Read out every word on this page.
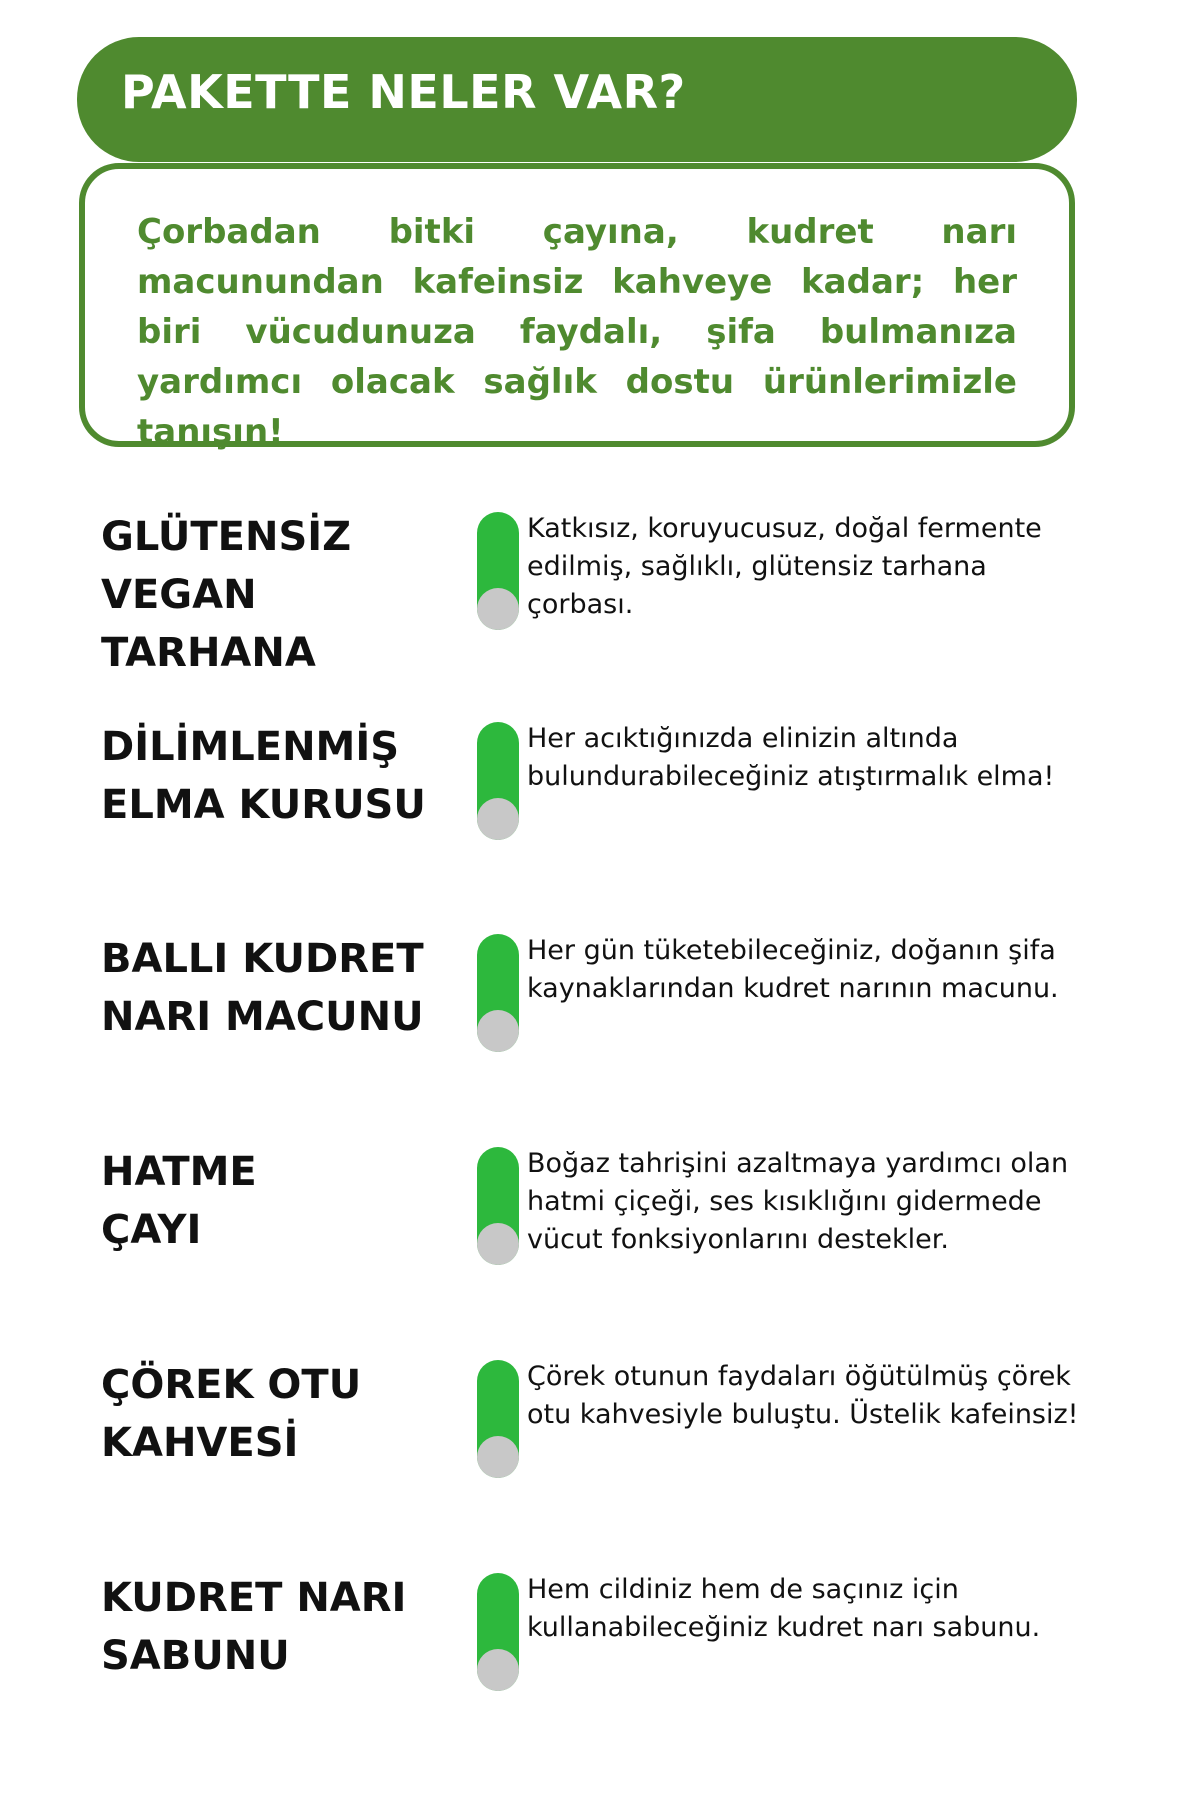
PAKETTE NELER VAR?

Çorbadan bitki çayına, kudret narı macunundan kafeinsiz kahveye kadar; her biri vücudunuza faydalı, şifa bulmanıza yardımcı olacak sağlık dostu ürünlerimizle tanışın!

GLÜTENSİZ
VEGAN TARHANA

Katkısız, koruyucusuz, doğal fermente edilmiş, sağlıklı, glütensiz tarhana çorbası.

DİLİMLENMİŞ
ELMA KURUSU

Her acıktığınızda elinizin altında bulundurabileceğiniz atıştırmalık elma!

BALLI KUDRET
NARI MACUNU

Her gün tüketebileceğiniz, doğanın şifa kaynaklarından kudret narının macunu.

HATME
ÇAYI

Boğaz tahrişini azaltmaya yardımcı olan hatmi çiçeği, ses kısıklığını gidermede vücut fonksiyonlarını destekler.

ÇÖREK OTU
KAHVESİ

Çörek otunun faydaları öğütülmüş çörek otu kahvesiyle buluştu. Üstelik kafeinsiz!

KUDRET NARI
SABUNU

Hem cildiniz hem de saçınız için kullanabileceğiniz kudret narı sabunu.
